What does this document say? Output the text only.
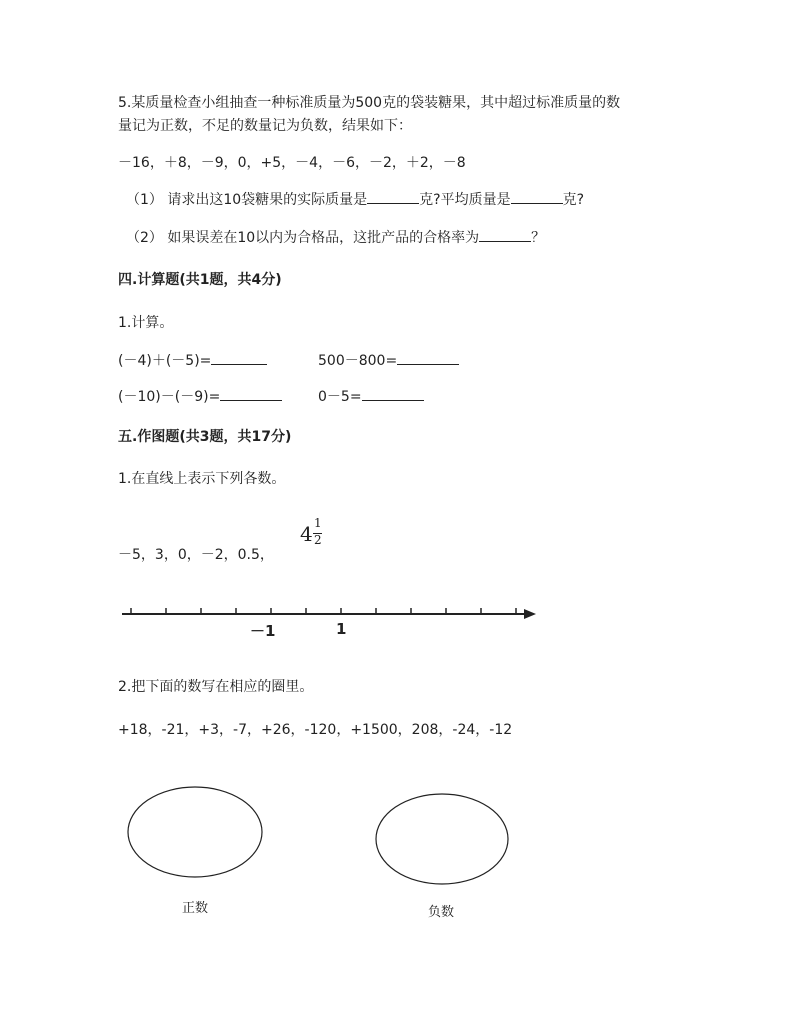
5.某质量检查小组抽查一种标准质量为500克的袋装糖果，其中超过标准质量的数
量记为正数，不足的数量记为负数，结果如下：
－16，＋8，－9，0，+5，－4，－6，－2，＋2，－8
（1） 请求出这10袋糖果的实际质量是	克?平均质量是	克?
（2） 如果误差在10以内为合格品，这批产品的合格率为	？
四.计算题(共1题，共4分)
1.计算。
(－4)＋(－5)=	500－800=
(－10)－(－9)=	0－5=
五.作图题(共3题，共17分)
1.在直线上表示下列各数。
－5，3，0，－2，0.5，
4 1
2
－1	1
2.把下面的数写在相应的圈里。
+18，-21，+3，-7，+26，-120，+1500，208，-24，-12
正数	负数
